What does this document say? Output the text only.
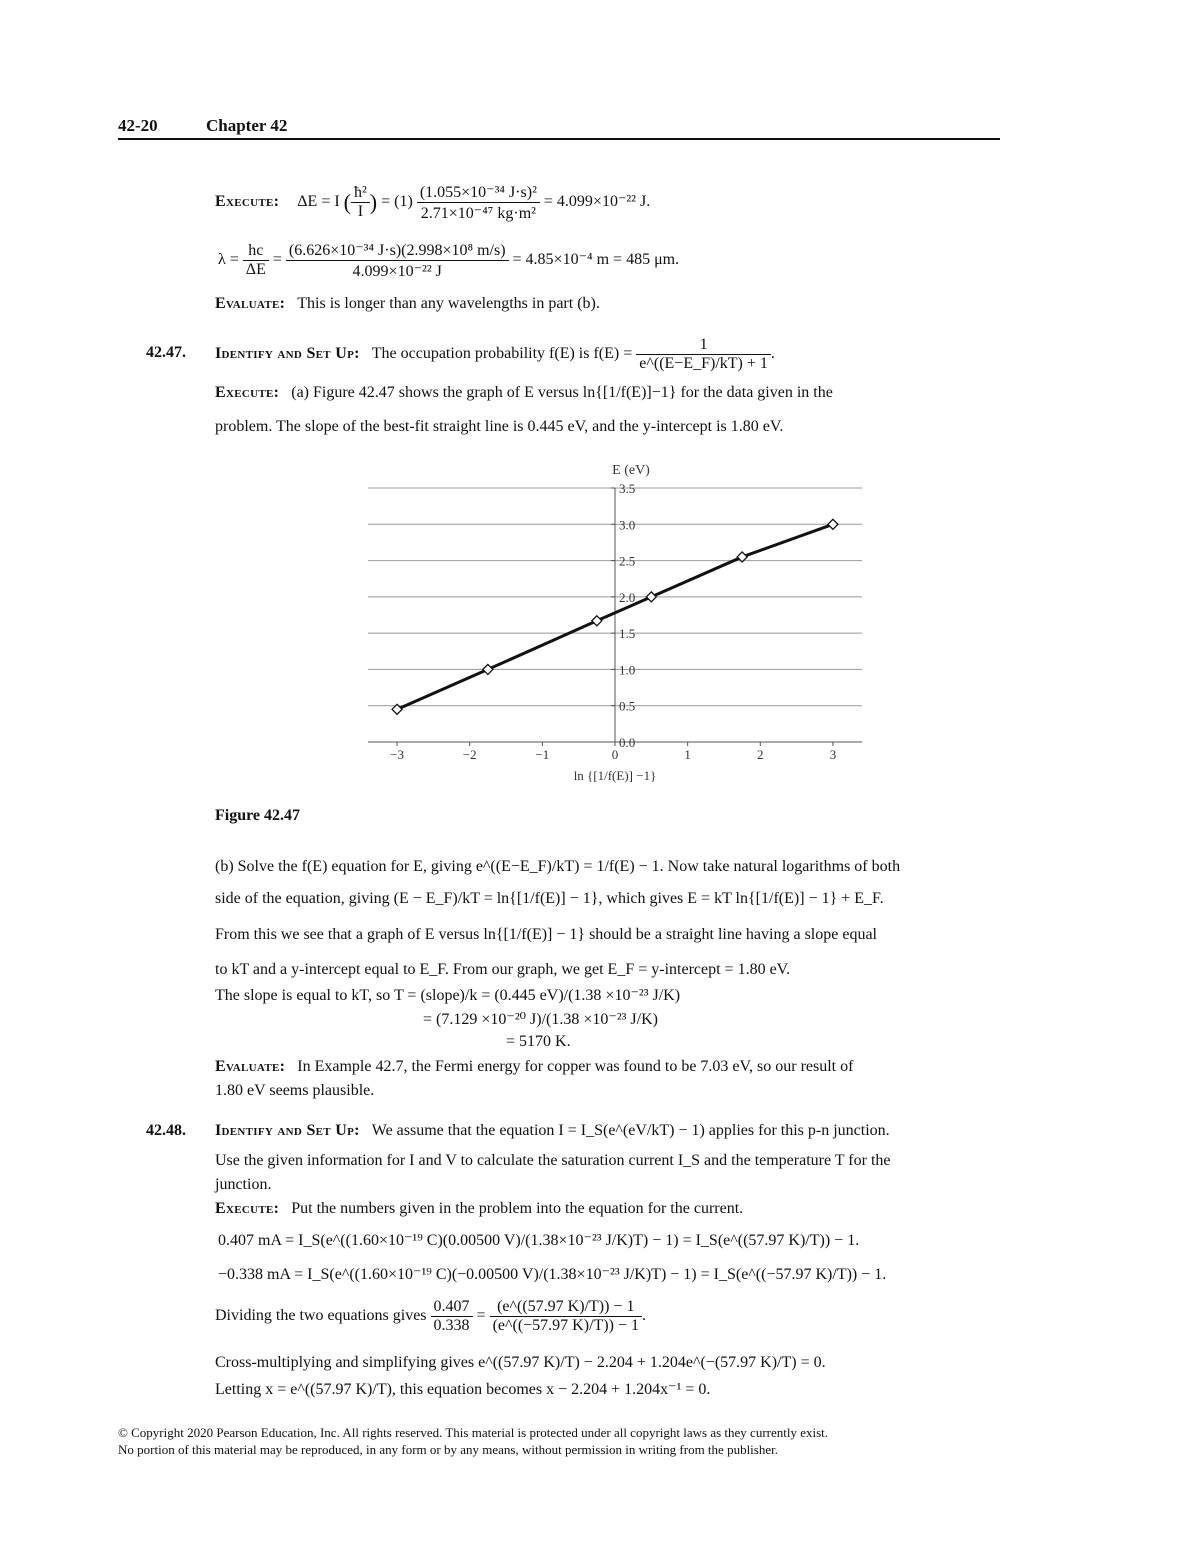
42-20	Chapter 42
Execute: ΔE = I ( $\frac{\text{ħ²}}{I}$ ) = $(1) \frac{\text{(1.055×10⁻³⁴ J·s)²}}{\text{2.71×10⁻⁴⁷ kg·m²}} = 4.099\times 10^{-22}$ J.
$\lambda = \frac{hc}{\Delta E} = \frac{\text{(6.626×10⁻³⁴ J·s)(2.998×10⁸ m/s)}}{\text{4.099×10⁻²² J}} = 4.85\times 10^{-4}$ m = 485 μm.
Evaluate: This is longer than any wavelengths in part (b).
42.47. Identify and Set Up: The occupation probability f(E) is $f(E) = \frac{1}{e\^{}((E-E\_F)/kT) + 1}$ .
Execute: (a) Figure 42.47 shows the graph of E versus ln{[1/f(E)]−1} for the data given in the
problem. The slope of the best-fit straight line is 0.445 eV, and the y-intercept is 1.80 eV.
0.0
0.5
1.0
1.5
2.0
2.5
3.0
3.5
−3	−2	−1	0	1	2	3
E (eV)
ln {[1/f(E)] −1}
Figure 42.47
(b) Solve the f(E) equation for E, giving e^((E−E_F)/kT) = 1/f(E) − 1. Now take natural logarithms of both
side of the equation, giving (E − E_F)/kT = ln{[1/f(E)] − 1}, which gives E = kT ln{[1/f(E)] − 1} + E_F.
From this we see that a graph of E versus ln{[1/f(E)] − 1} should be a straight line having a slope equal
to kT and a y-intercept equal to E_F. From our graph, we get E_F = y-intercept = 1.80 eV.
The slope is equal to kT, so T = (slope)/k = (0.445 eV)/(1.38 ×10⁻²³ J/K)
= (7.129 ×10⁻²⁰ J)/(1.38 ×10⁻²³ J/K)
= 5170 K.
Evaluate: In Example 42.7, the Fermi energy for copper was found to be 7.03 eV, so our result of
1.80 eV seems plausible.
42.48. Identify and Set Up: We assume that the equation I = I_S(e^(eV/kT) − 1) applies for this p-n junction.
Use the given information for I and V to calculate the saturation current I_S and the temperature T for the
junction.
Execute: Put the numbers given in the problem into the equation for the current.
0.407 mA = I_S(e^((1.60×10⁻¹⁹ C)(0.00500 V)/(1.38×10⁻²³ J/K)T) − 1) = I_S(e^((57.97 K)/T)) − 1.
−0.338 mA = I_S(e^((1.60×10⁻¹⁹ C)(−0.00500 V)/(1.38×10⁻²³ J/K)T) − 1) = I_S(e^((−57.97 K)/T)) − 1.
Dividing the two equations gives $\frac{0.407}{0.338} = \frac{(e\^{}((57.97 K)/T)) - 1}{(e\^{}((-57.97 K)/T)) - 1}$ .
Cross-multiplying and simplifying gives e^((57.97 K)/T) − 2.204 + 1.204e^(−(57.97 K)/T) = 0.
Letting x = e^((57.97 K)/T), this equation becomes x − 2.204 + 1.204x⁻¹ = 0.
© Copyright 2020 Pearson Education, Inc. All rights reserved. This material is protected under all copyright laws as they currently exist.
No portion of this material may be reproduced, in any form or by any means, without permission in writing from the publisher.
